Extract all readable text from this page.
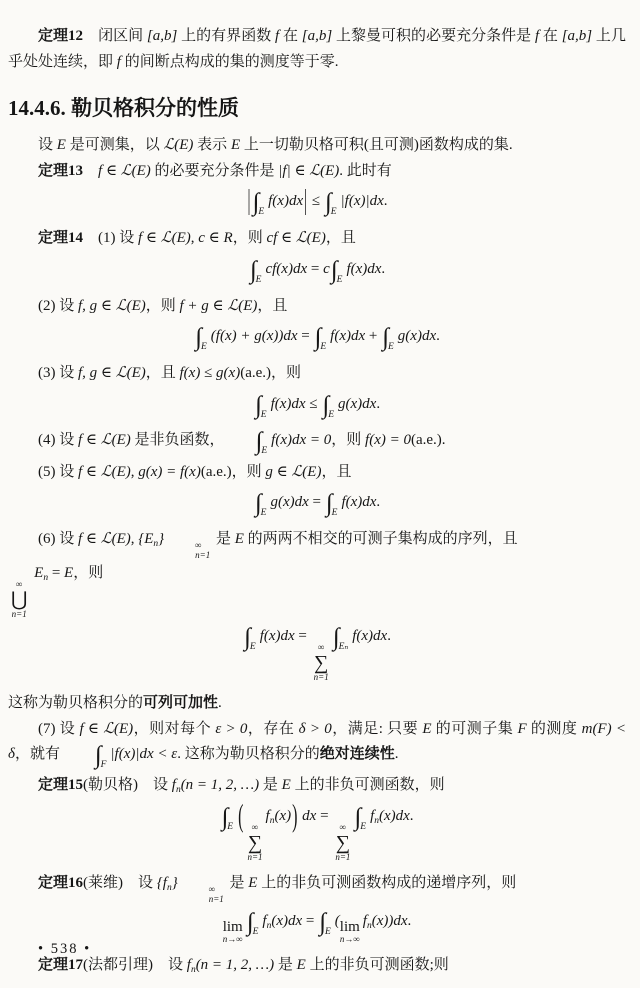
定理12　闭区间 [a,b] 上的有界函数 f 在 [a,b] 上黎曼可积的必要充分条件是 f 在 [a,b] 上几乎处处连续，即 f 的间断点构成的集的测度等于零.
14.4.6. 勒贝格积分的性质
设 E 是可测集，以 ℒ(E) 表示 E 上一切勒贝格可积(且可测)函数构成的集.
定理13　 f ∈ ℒ(E) 的必要充分条件是 |f| ∈ ℒ(E). 此时有
$|\int_Ef(x)dx| \le \int_E|f(x)|dx$.
定理14　(1) 设 f ∈ ℒ(E), c ∈ R，则 cf ∈ ℒ(E)，且
$\int_Ecf(x)dx = c\int_Ef(x)dx$.
(2) 设 f, g ∈ ℒ(E)，则 f + g ∈ ℒ(E)，且
$\int_E(f(x) + g(x))dx = \int_Ef(x)dx + \int_Eg(x)dx$.
(3) 设 f, g ∈ ℒ(E)，且 f(x) ≤ g(x)(a.e.)，则
$\int_Ef(x)dx \le \int_Eg(x)dx$.
(4) 设 f ∈ ℒ(E) 是非负函数， $\int_Ef(x)dx = 0$，则 f(x) = 0(a.e.).
(5) 设 f ∈ ℒ(E), g(x) = f(x)(a.e.)，则 g ∈ ℒ(E)，且
$\int_Eg(x)dx = \int_Ef(x)dx$.
(6) 设 f ∈ ℒ(E), $\{E_n\}$	∞
n=1
是 E 的两两不相交的可测子集构成的序列，且
∞
⋃
n=1
$E_n = E$，则
$\int_Ef(x)dx$ =
∞
∑
n=1
$\int_{E_n}f(x)dx$.
这称为勒贝格积分的可列可加性.
(7) 设 f ∈ ℒ(E)，则对每个 ε > 0，存在 δ > 0，满足: 只要 E 的可测子集 F 的测度 m(F) < δ，就有 $\int_F|f(x)|dx < \varepsilon$. 这称为勒贝格积分的绝对连续性.
定理15(勒贝格)　设 $f_n(n = 1$, 2, …) 是 E 上的非负可测函数，则
$\int_E$ ( ∞
∑
n=1
$f_n(x)$) dx =
∞
∑
n=1
$\int_Ef_n(x)dx$.
定理16(莱维)　设 $\{f_n\}$	∞
n=1
是 E 上的非负可测函数构成的递增序列，则
lim
n→∞
$\int_Ef_n(x)dx = \int_E$( lim
n→∞
$f_n(x))dx$.
定理17(法都引理)　设 $f_n(n = 1$, 2, …) 是 E 上的非负可测函数;则
• 538 •
